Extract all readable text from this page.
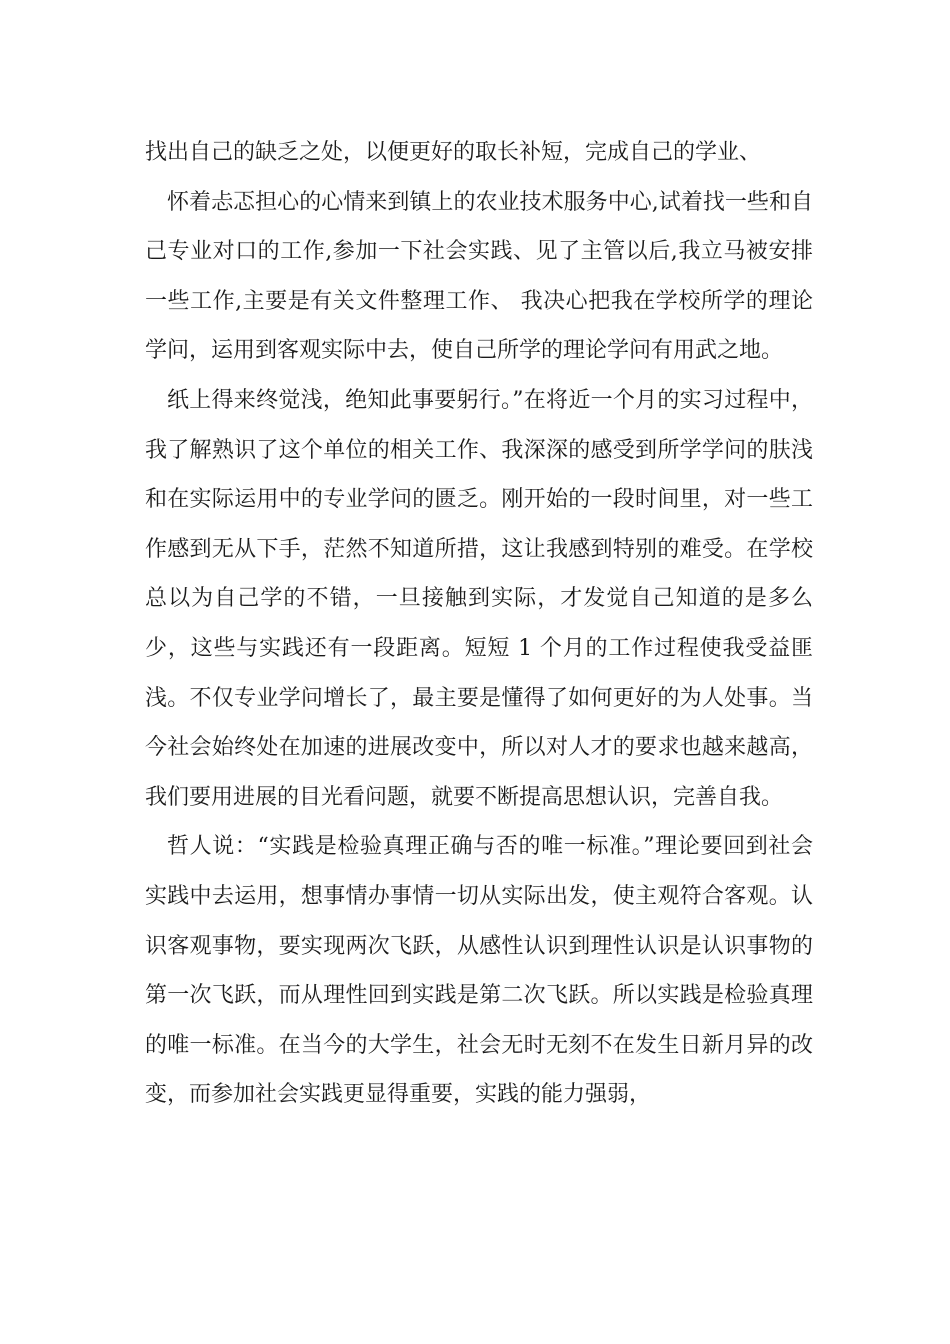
找出自己的缺乏之处，以便更好的取长补短，完成自己的学业、

怀着忐忑担心的心情来到镇上的农业技术服务中心,试着找一些和自己专业对口的工作,参加一下社会实践、见了主管以后,我立马被安排一些工作,主要是有关文件整理工作、 我决心把我在学校所学的理论学问，运用到客观实际中去，使自己所学的理论学问有用武之地。

纸上得来终觉浅，绝知此事要躬行。”在将近一个月的实习过程中，我了解熟识了这个单位的相关工作、我深深的感受到所学学问的肤浅和在实际运用中的专业学问的匮乏。刚开始的一段时间里，对一些工作感到无从下手，茫然不知道所措，这让我感到特别的难受。在学校总以为自己学的不错，一旦接触到实际，才发觉自己知道的是多么少，这些与实践还有一段距离。短短 1 个月的工作过程使我受益匪浅。不仅专业学问增长了，最主要是懂得了如何更好的为人处事。当今社会始终处在加速的进展改变中，所以对人才的要求也越来越高，我们要用进展的目光看问题，就要不断提高思想认识，完善自我。

哲人说：“实践是检验真理正确与否的唯一标准。”理论要回到社会实践中去运用，想事情办事情一切从实际出发，使主观符合客观。认识客观事物，要实现两次飞跃，从感性认识到理性认识是认识事物的第一次飞跃，而从理性回到实践是第二次飞跃。所以实践是检验真理的唯一标准。在当今的大学生，社会无时无刻不在发生日新月异的改变，而参加社会实践更显得重要，实践的能力强弱，
